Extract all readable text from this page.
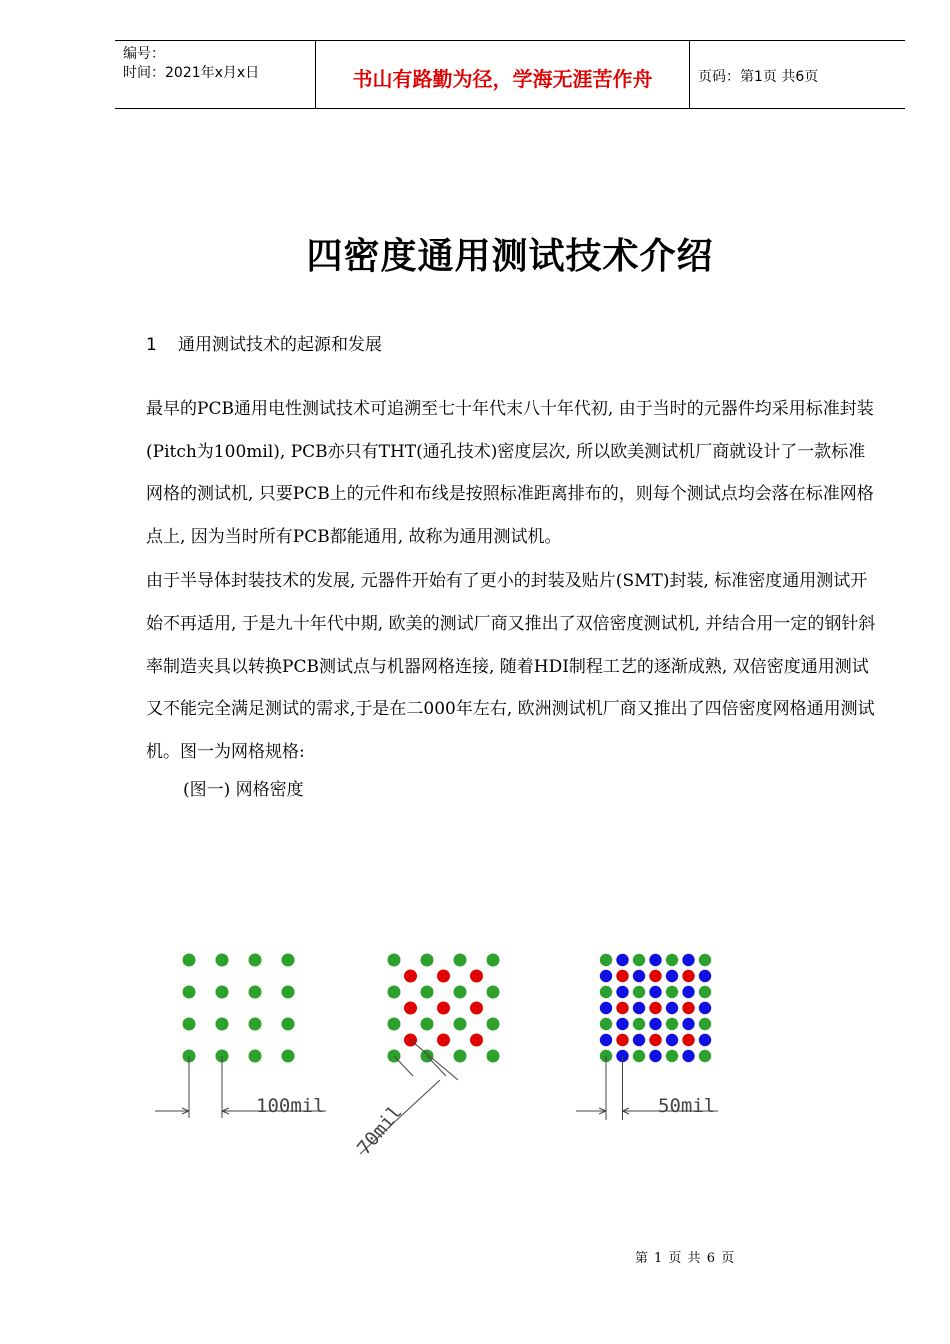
编号：
时间：2021年x月x日	书山有路勤为径，学海无涯苦作舟	页码：第1页 共6页
四密度通用测试技术介绍
1 通用测试技术的起源和发展
最早的PCB通用电性测试技术可追溯至七十年代末八十年代初, 由于当时的元器件均采用标准封装(Pitch为100mil), PCB亦只有THT(通孔技术)密度层次, 所以欧美测试机厂商就设计了一款标准网格的测试机, 只要PCB上的元件和布线是按照标准距离排布的，则每个测试点均会落在标准网格点上, 因为当时所有PCB都能通用, 故称为通用测试机。
由于半导体封装技术的发展, 元器件开始有了更小的封装及贴片(SMT)封装, 标准密度通用测试开始不再适用, 于是九十年代中期, 欧美的测试厂商又推出了双倍密度测试机, 并结合用一定的钢针斜率制造夹具以转换PCB测试点与机器网格连接, 随着HDI制程工艺的逐渐成熟, 双倍密度通用测试又不能完全满足测试的需求,于是在二000年左右, 欧洲测试机厂商又推出了四倍密度网格通用测试机。图一为网格规格:
(图一) 网格密度
100mil 70mil	50mil
第 1 页 共 6 页
